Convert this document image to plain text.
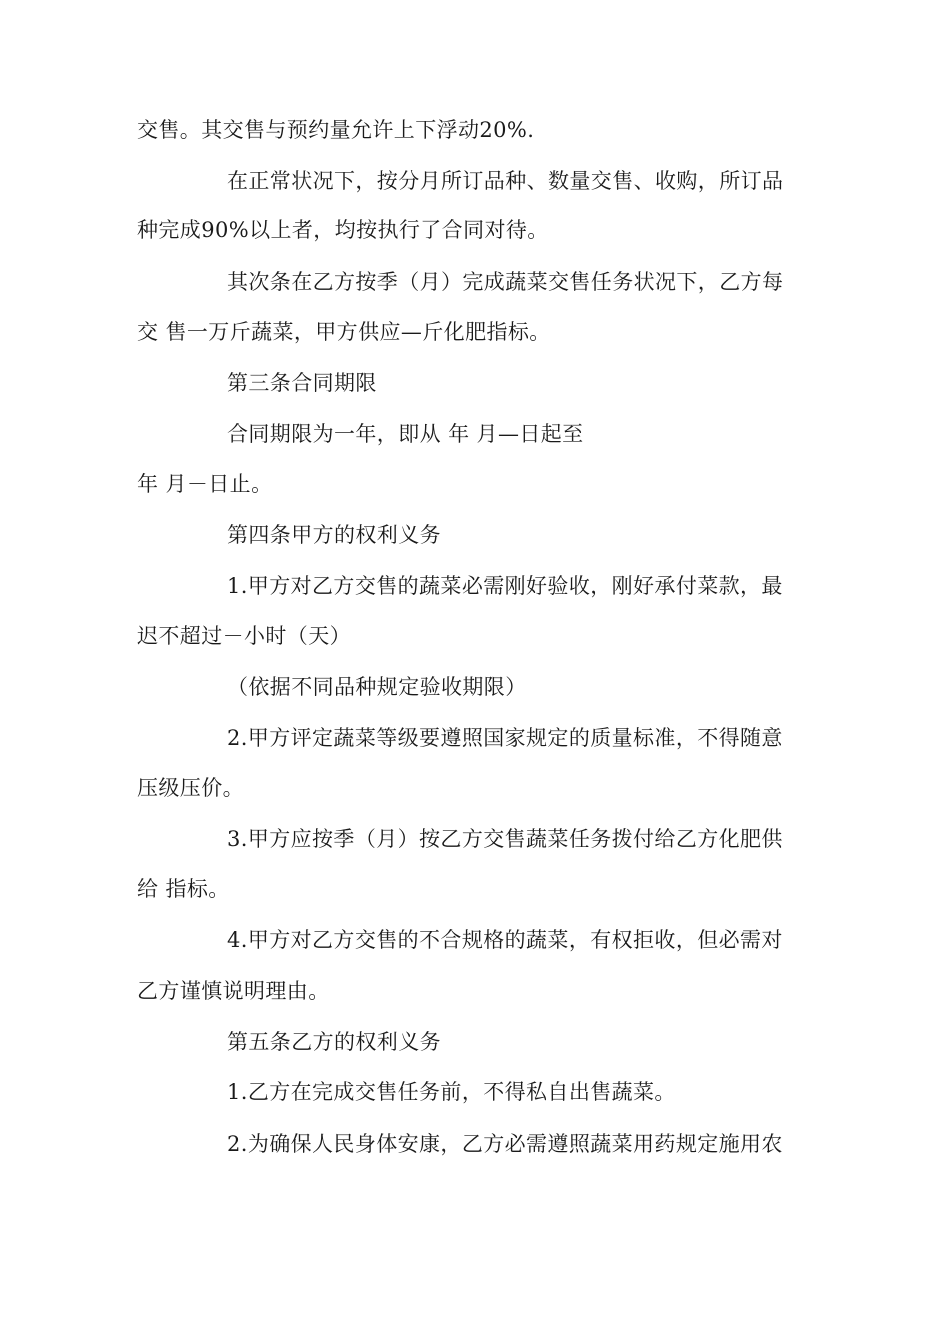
交售。其交售与预约量允许上下浮动20%.
在正常状况下，按分月所订品种、数量交售、收购，所订品
种完成90%以上者，均按执行了合同对待。
其次条在乙方按季（月）完成蔬菜交售任务状况下，乙方每
交 售一万斤蔬菜，甲方供应—斤化肥指标。
第三条合同期限
合同期限为一年，即从 年 月—日起至
年 月－日止。
第四条甲方的权利义务
1.甲方对乙方交售的蔬菜必需刚好验收，刚好承付菜款，最
迟不超过－小时（天）
（依据不同品种规定验收期限）
2.甲方评定蔬菜等级要遵照国家规定的质量标准，不得随意
压级压价。
3.甲方应按季（月）按乙方交售蔬菜任务拨付给乙方化肥供
给 指标。
4.甲方对乙方交售的不合规格的蔬菜，有权拒收，但必需对
乙方谨慎说明理由。
第五条乙方的权利义务
1.乙方在完成交售任务前，不得私自出售蔬菜。
2.为确保人民身体安康，乙方必需遵照蔬菜用药规定施用农
